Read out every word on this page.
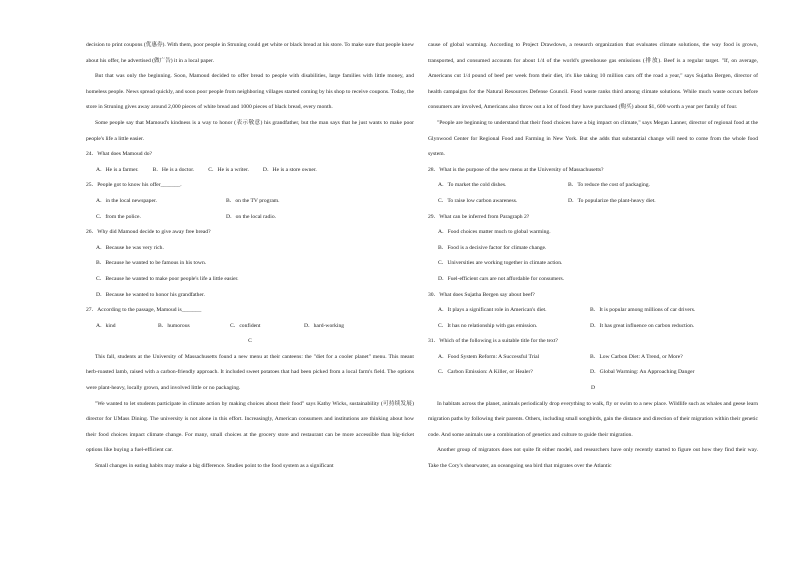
decision to print coupons (优惠券). With them, poor people in Struning could get white or black bread at his store. To make sure that people knew about his offer, he advertised (做广告) it in a local paper.

But that was only the beginning. Soon, Mamoud decided to offer bread to people with disabilities, large families with little money, and homeless people. News spread quickly, and soon poor people from neighboring villages started coming by his shop to receive coupons. Today, the store in Struning gives away around 2,000 pieces of white bread and 1000 pieces of black bread, every month.

Some people say that Mamoud's kindness is a way to honor (表示敬意) his grandfather, but the man says that he just wants to make poor people's life a little easier.

24．What does Mamoud do?
A．He is a farmer.	B．He is a doctor.	C．He is a writer.	D．He is a store owner.
25．People got to know his offer_______.
A．in the local newspaper.	B．on the TV program.
C．from the police.	D．on the local radio.
26．Why did Mamoud decide to give away free bread?
A．Because he was very rich.
B．Because he wanted to be famous in his town.
C．Because he wanted to make poor people's life a little easier.
D．Because he wanted to honor his grandfather.
27．According to the passage, Mamoud is_______
A．kind	B．humorous	C．confident	D．hard-working
C

This fall, students at the University of Massachusetts found a new menu at their canteens: the "diet for a cooler planet" menu. This meant herb-roasted lamb, raised with a carbon-friendly approach. It included sweet potatoes that had been picked from a local farm's field. The options were plant-heavy, locally grown, and involved little or no packaging.

"We wanted to let students participate in climate action by making choices about their food" says Kathy Wicks, sustainability (可持续发展) director for UMass Dining. The university is not alone in this effort. Increasingly, American consumers and institutions are thinking about how their food choices impact climate change. For many, small choices at the grocery store and restaurant can be more accessible than big-ticket options like buying a fuel-efficient car.

Small changes in eating habits may make a big difference. Studies point to the food system as a significant

cause of global warming. According to Project Drawdown, a research organization that evaluates climate solutions, the way food is grown, transported, and consumed accounts for about 1/4 of the world's greenhouse gas emissions (排放). Beef is a regular target. "If, on average, Americans cut 1/4 pound of beef per week from their diet, it's like taking 10 million cars off the road a year," says Sujatha Bergen, director of health campaigns for the Natural Resources Defense Council. Food waste ranks third among climate solutions. While much waste occurs before consumers are involved, Americans also throw out a lot of food they have purchased (购买) about $1, 600 worth a year per family of four.

"People are beginning to understand that their food choices have a big impact on climate," says Megan Lanner, director of regional food at the Glynwood Center for Regional Food and Farming in New York. But she adds that substantial change will need to come from the whole food system.

28．What is the purpose of the new menu at the University of Massachusetts?
A．To market the cold dishes.	B．To reduce the cost of packaging.
C．To raise low carbon awareness.	D．To popularize the plant-heavy diet.
29．What can be inferred from Paragraph 2?
A．Food choices matter much to global warming.
B．Food is a decisive factor for climate change.
C．Universities are working together in climate action.
D．Fuel-efficient cars are not affordable for consumers.
30．What does Sujatha Bergen say about beef?
A．It plays a significant role in American's diet.	B．It is popular among millions of car drivers.
C．It has no relationship with gas emission.	D．It has great influence on carbon reduction.
31．Which of the following is a suitable title for the text?
A．Food System Reform: A Successful Trial	B．Low Carbon Diet: A Trend, or More?
C．Carbon Emission: A Killer, or Healer?	D．Global Warming: An Approaching Danger
D

In habitats across the planet, animals periodically drop everything to walk, fly or swim to a new place. Wildlife such as whales and geese learn migration paths by following their parents. Others, including small songbirds, gain the distance and direction of their migration within their genetic code. And some animals use a combination of genetics and culture to guide their migration.

Another group of migrators does not quite fit either model, and researchers have only recently started to figure out how they find their way. Take the Cory's shearwater, an oceangoing sea bird that migrates over the Atlantic
